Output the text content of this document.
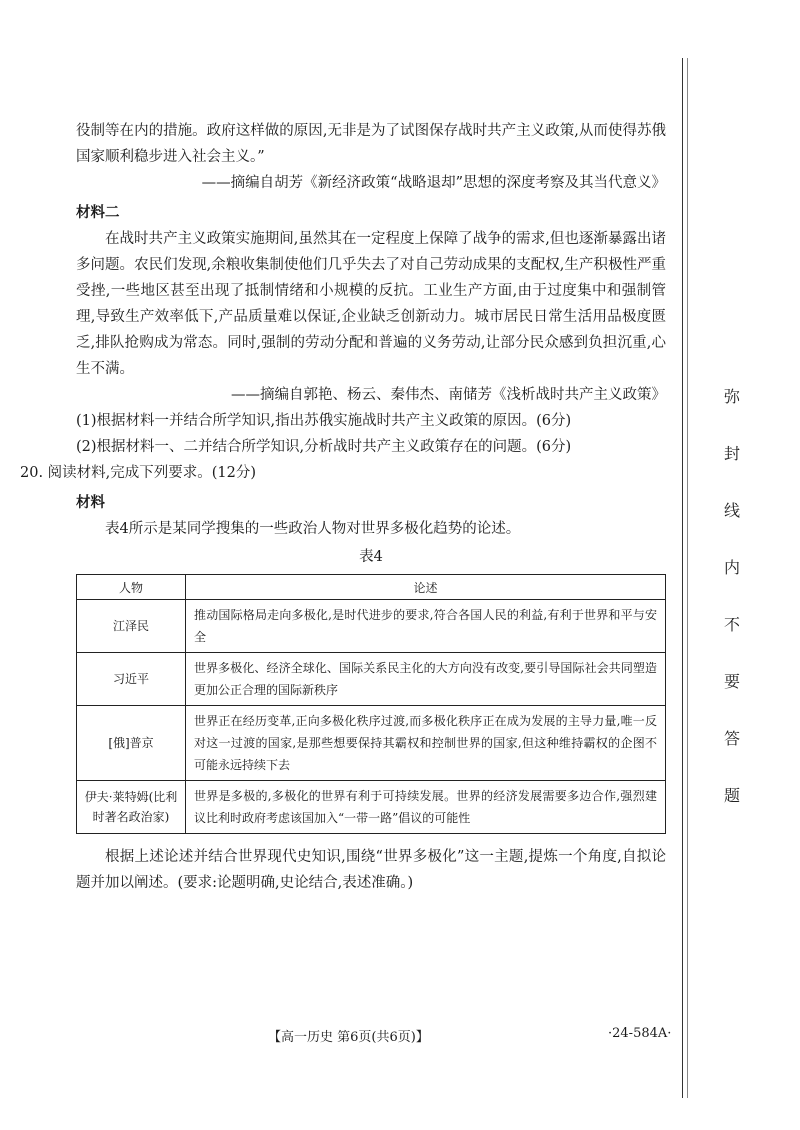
役制等在内的措施。政府这样做的原因,无非是为了试图保存战时共产主义政策,从而使得苏俄国家顺利稳步进入社会主义。”

——摘编自胡芳《新经济政策“战略退却”思想的深度考察及其当代意义》

材料二

在战时共产主义政策实施期间,虽然其在一定程度上保障了战争的需求,但也逐渐暴露出诸多问题。农民们发现,余粮收集制使他们几乎失去了对自己劳动成果的支配权,生产积极性严重受挫,一些地区甚至出现了抵制情绪和小规模的反抗。工业生产方面,由于过度集中和强制管理,导致生产效率低下,产品质量难以保证,企业缺乏创新动力。城市居民日常生活用品极度匮乏,排队抢购成为常态。同时,强制的劳动分配和普遍的义务劳动,让部分民众感到负担沉重,心生不满。

——摘编自郭艳、杨云、秦伟杰、南储芳《浅析战时共产主义政策》

(1)根据材料一并结合所学知识,指出苏俄实施战时共产主义政策的原因。(6分)

(2)根据材料一、二并结合所学知识,分析战时共产主义政策存在的问题。(6分)

20. 阅读材料,完成下列要求。(12分)

材料

表4所示是某同学搜集的一些政治人物对世界多极化趋势的论述。

表4

人物	论述
江泽民	推动国际格局走向多极化,是时代进步的要求,符合各国人民的利益,有利于世界和平与安全
习近平	世界多极化、经济全球化、国际关系民主化的大方向没有改变,要引导国际社会共同塑造更加公正合理的国际新秩序
[俄]普京	世界正在经历变革,正向多极化秩序过渡,而多极化秩序正在成为发展的主导力量,唯一反对这一过渡的国家,是那些想要保持其霸权和控制世界的国家,但这种维持霸权的企图不可能永远持续下去
伊夫·莱特姆(比利时著名政治家)	世界是多极的,多极化的世界有利于可持续发展。世界的经济发展需要多边合作,强烈建议比利时政府考虑该国加入“一带一路”倡议的可能性

根据上述论述并结合世界现代史知识,围绕“世界多极化”这一主题,提炼一个角度,自拟论题并加以阐述。(要求:论题明确,史论结合,表述准确。)

【高一历史 第6页(共6页)】	·24-584A·
弥
封
线
内
不
要
答
题
